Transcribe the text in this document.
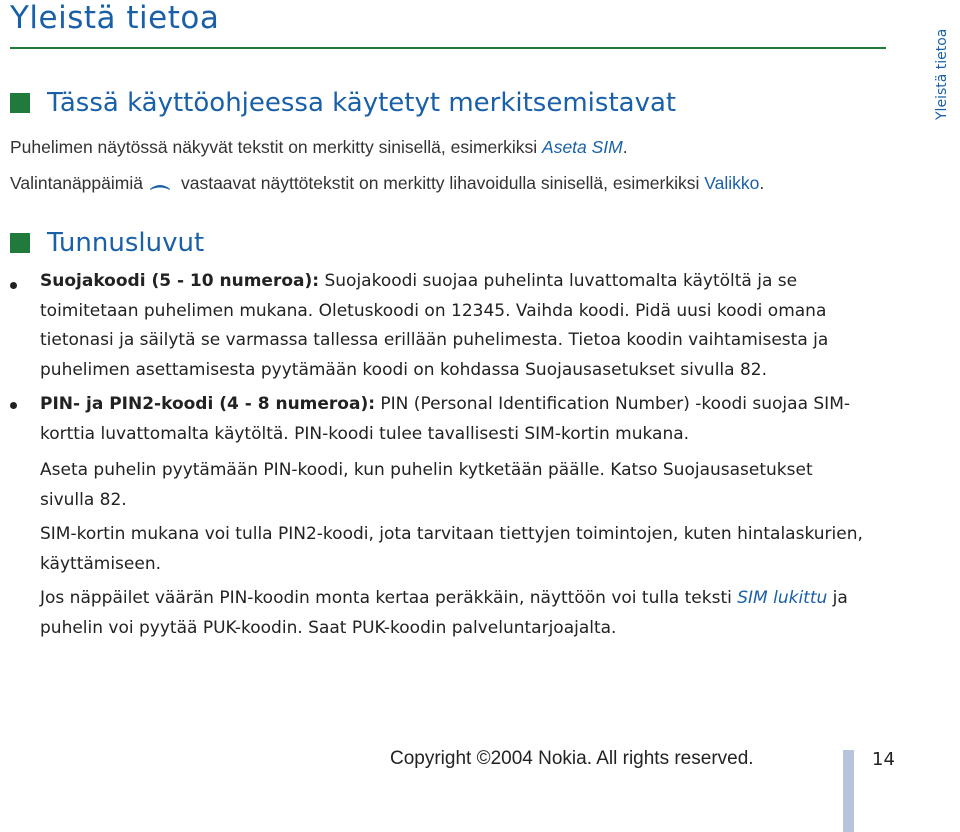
Yleistä tietoa
Yleistä tietoa
Tässä käyttöohjeessa käytetyt merkitsemistavat
Puhelimen näytössä näkyvät tekstit on merkitty sinisellä, esimerkiksi Aseta SIM.
Valintanäppäimiä vastaavat näyttötekstit on merkitty lihavoidulla sinisellä, esimerkiksi Valikko.
Tunnusluvut
Suojakoodi (5 - 10 numeroa): Suojakoodi suojaa puhelinta luvattomalta käytöltä ja se toimitetaan puhelimen mukana. Oletuskoodi on 12345. Vaihda koodi. Pidä uusi koodi omana tietonasi ja säilytä se varmassa tallessa erillään puhelimesta. Tietoa koodin vaihtamisesta ja puhelimen asettamisesta pyytämään koodi on kohdassa Suojausasetukset sivulla 82.
PIN- ja PIN2-koodi (4 - 8 numeroa): PIN (Personal Identification Number) -koodi suojaa SIM-korttia luvattomalta käytöltä. PIN-koodi tulee tavallisesti SIM-kortin mukana.
Aseta puhelin pyytämään PIN-koodi, kun puhelin kytketään päälle. Katso Suojausasetukset sivulla 82.
SIM-kortin mukana voi tulla PIN2-koodi, jota tarvitaan tiettyjen toimintojen, kuten hintalaskurien, käyttämiseen.
Jos näppäilet väärän PIN-koodin monta kertaa peräkkäin, näyttöön voi tulla teksti SIM lukittu ja puhelin voi pyytää PUK-koodin. Saat PUK-koodin palveluntarjoajalta.
Copyright ©2004 Nokia. All rights reserved.	14
